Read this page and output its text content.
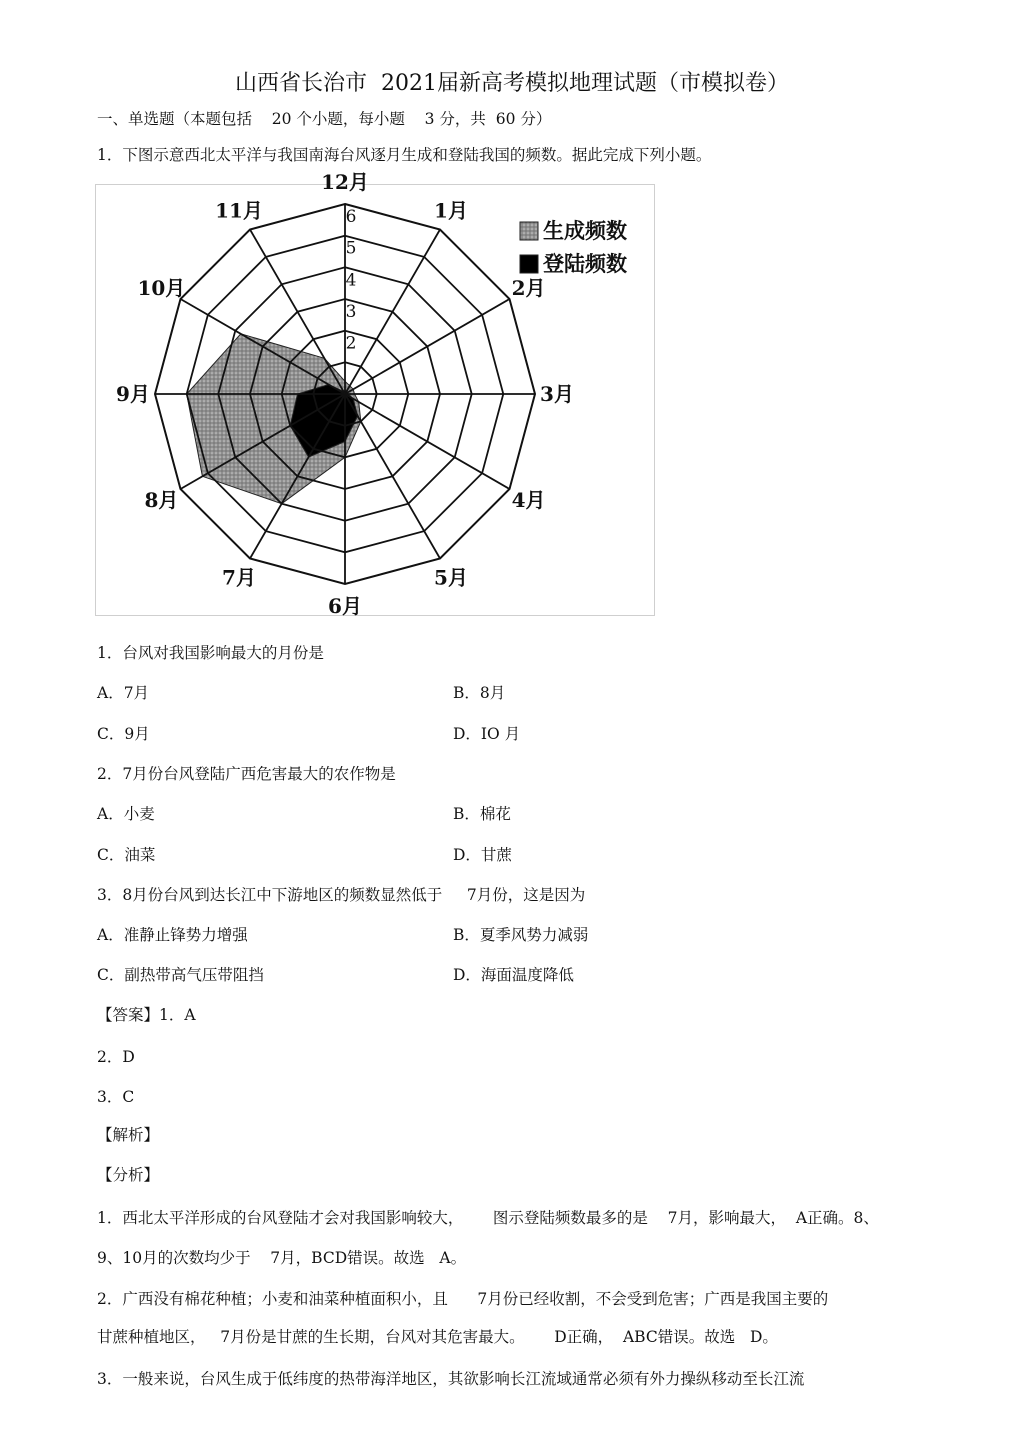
山西省长治市  2021届新高考模拟地理试题（市模拟卷）
一、单选题（本题包括    20 个小题，每小题    3 分，共  60 分）
1．下图示意西北太平洋与我国南海台风逐月生成和登陆我国的频数。据此完成下列小题。
12月
1月
2月
3月
4月
5月
6月
7月
8月
9月
10月
11月
2
3
4
5
6
生成频数
登陆频数
1．台风对我国影响最大的月份是
A．7月	B．8月
C．9月	D．IO 月
2．7月份台风登陆广西危害最大的农作物是
A．小麦	B．棉花
C．油菜	D．甘蔗
3．8月份台风到达长江中下游地区的频数显然低于     7月份，这是因为
A．准静止锋势力增强	B．夏季风势力减弱
C．副热带高气压带阻挡	D．海面温度降低
【答案】1．A
2．D
3．C
【解析】
【分析】
1．西北太平洋形成的台风登陆才会对我国影响较大，      图示登陆频数最多的是    7月，影响最大，  A正确。8、
9、10月的次数均少于    7月，BCD错误。故选   A。
2．广西没有棉花种植；小麦和油菜种植面积小，且      7月份已经收割，不会受到危害；广西是我国主要的
甘蔗种植地区，   7月份是甘蔗的生长期，台风对其危害最大。      D正确，  ABC错误。故选   D。
3．一般来说，台风生成于低纬度的热带海洋地区，其欲影响长江流域通常必须有外力操纵移动至长江流
